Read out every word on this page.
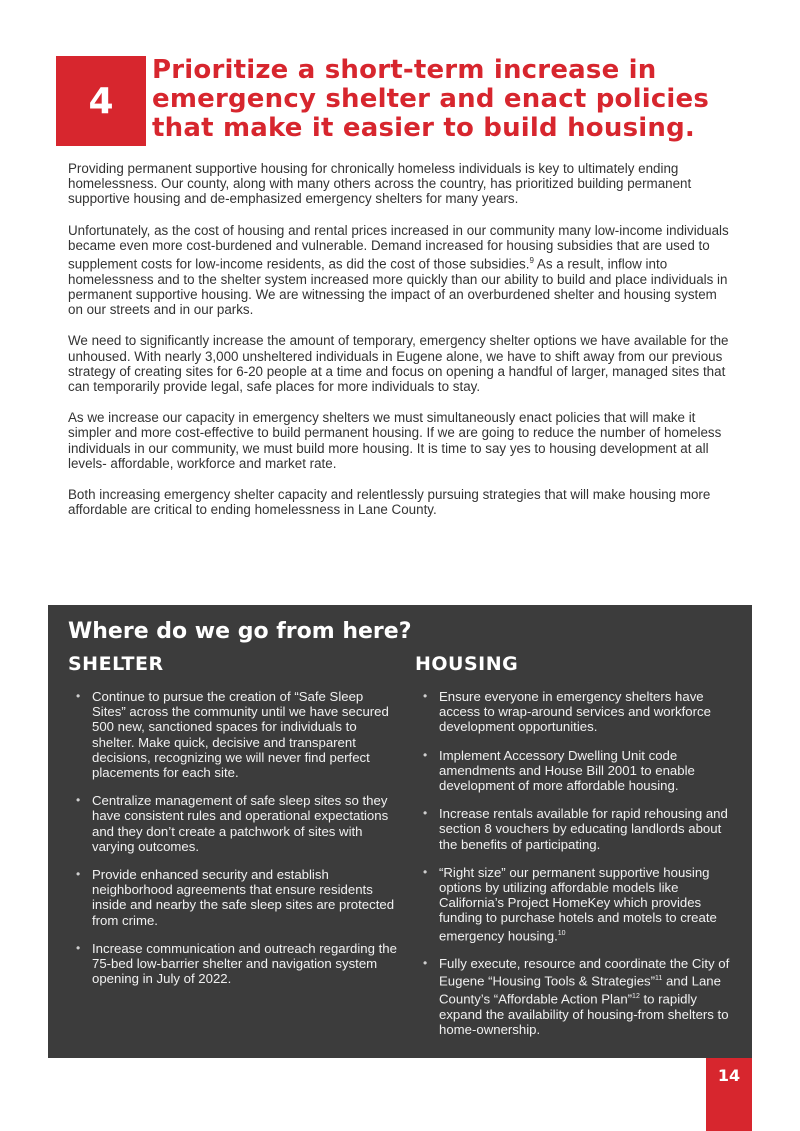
4
Prioritize a short-term increase in emergency shelter and enact policies that make it easier to build housing.

Providing permanent supportive housing for chronically homeless individuals is key to ultimately ending homelessness. Our county, along with many others across the country, has prioritized building permanent supportive housing and de-emphasized emergency shelters for many years.

Unfortunately, as the cost of housing and rental prices increased in our community many low-income individuals became even more cost-burdened and vulnerable. Demand increased for housing subsidies that are used to supplement costs for low-income residents, as did the cost of those subsidies.$^9$ As a result, inflow into homelessness and to the shelter system increased more quickly than our ability to build and place individuals in permanent supportive housing. We are witnessing the impact of an overburdened shelter and housing system on our streets and in our parks.

We need to significantly increase the amount of temporary, emergency shelter options we have available for the unhoused. With nearly 3,000 unsheltered individuals in Eugene alone, we have to shift away from our previous strategy of creating sites for 6-20 people at a time and focus on opening a handful of larger, managed sites that can temporarily provide legal, safe places for more individuals to stay.

As we increase our capacity in emergency shelters we must simultaneously enact policies that will make it simpler and more cost-effective to build permanent housing. If we are going to reduce the number of homeless individuals in our community, we must build more housing. It is time to say yes to housing development at all levels- affordable, workforce and market rate.

Both increasing emergency shelter capacity and relentlessly pursuing strategies that will make housing more affordable are critical to ending homelessness in Lane County.

Where do we go from here?
SHELTER	HOUSING
• Continue to pursue the creation of “Safe Sleep Sites” across the community until we have secured 500 new, sanctioned spaces for individuals to shelter. Make quick, decisive and transparent decisions, recognizing we will never find perfect placements for each site.
• Centralize management of safe sleep sites so they have consistent rules and operational expectations and they don’t create a patchwork of sites with varying outcomes.
• Provide enhanced security and establish neighborhood agreements that ensure residents inside and nearby the safe sleep sites are protected from crime.
• Increase communication and outreach regarding the 75-bed low-barrier shelter and navigation system opening in July of 2022.
• Ensure everyone in emergency shelters have access to wrap-around services and workforce development opportunities.
• Implement Accessory Dwelling Unit code amendments and House Bill 2001 to enable development of more affordable housing.
• Increase rentals available for rapid rehousing and section 8 vouchers by educating landlords about the benefits of participating.
• “Right size” our permanent supportive housing options by utilizing affordable models like California’s Project HomeKey which provides funding to purchase hotels and motels to create emergency housing.$^{10}$
• Fully execute, resource and coordinate the City of Eugene “Housing Tools & Strategies”$^{11}$ and Lane County’s “Affordable Action Plan”$^{12}$ to rapidly expand the availability of housing-from shelters to home-ownership.
14
